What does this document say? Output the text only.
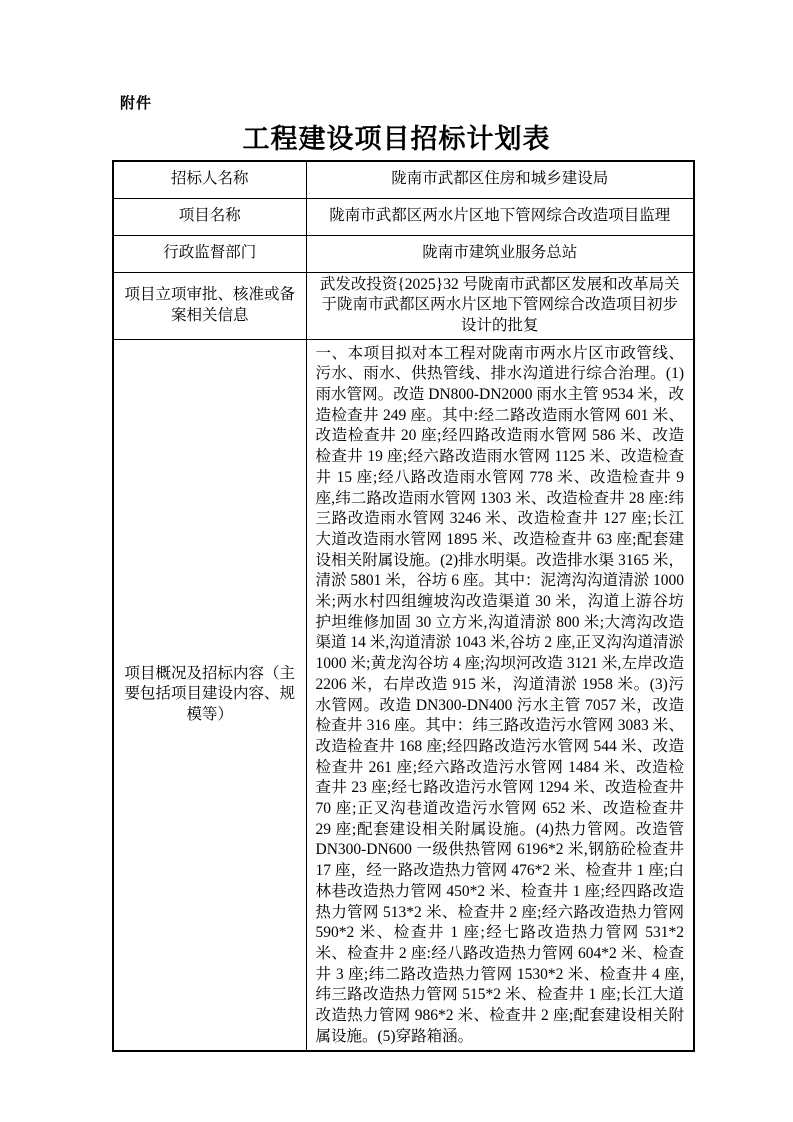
附件
工程建设项目招标计划表
招标人名称	陇南市武都区住房和城乡建设局
项目名称	陇南市武都区两水片区地下管网综合改造项目监理
行政监督部门	陇南市建筑业服务总站
项目立项审批、核准或备案相关信息	武发改投资{2025}32 号陇南市武都区发展和改革局关于陇南市武都区两水片区地下管网综合改造项目初步设计的批复
项目概况及招标内容（主要包括项目建设内容、规模等）	一、本项目拟对本工程对陇南市两水片区市政管线、污水、雨水、供热管线、排水沟道进行综合治理。(1)雨水管网。改造 DN800-DN2000 雨水主管 9534 米，改造检查井 249 座。其中:经二路改造雨水管网 601 米、改造检查井 20 座;经四路改造雨水管网 586 米、改造检查井 19 座;经六路改造雨水管网 1125 米、改造检查井 15 座;经八路改造雨水管网 778 米、改造检查井 9 座,纬二路改造雨水管网 1303 米、改造检查井 28 座:纬三路改造雨水管网 3246 米、改造检查井 127 座;长江大道改造雨水管网 1895 米、改造检查井 63 座;配套建设相关附属设施。(2)排水明渠。改造排水渠 3165 米，清淤 5801 米，谷坊 6 座。其中：泥湾沟沟道清淤 1000 米;两水村四组缠坡沟改造渠道 30 米，沟道上游谷坊护坦维修加固 30 立方米,沟道清淤 800 米;大湾沟改造渠道 14 米,沟道清淤 1043 米,谷坊 2 座,正叉沟沟道清淤 1000 米;黄龙沟谷坊 4 座;沟坝河改造 3121 米,左岸改造 2206 米，右岸改造 915 米，沟道清淤 1958 米。(3)污水管网。改造 DN300-DN400 污水主管 7057 米，改造检查井 316 座。其中：纬三路改造污水管网 3083 米、改造检查井 168 座;经四路改造污水管网 544 米、改造检查井 261 座;经六路改造污水管网 1484 米、改造检查井 23 座;经七路改造污水管网 1294 米、改造检查井 70 座;正叉沟巷道改造污水管网 652 米、改造检查井 29 座;配套建设相关附属设施。(4)热力管网。改造管 DN300-DN600 一级供热管网 6196*2 米,钢筋砼检查井 17 座，经一路改造热力管网 476*2 米、检查井 1 座;白林巷改造热力管网 450*2 米、检查井 1 座;经四路改造热力管网 513*2 米、检查井 2 座;经六路改造热力管网 590*2 米、检查井 1 座;经七路改造热力管网 531*2 米、检查井 2 座:经八路改造热力管网 604*2 米、检查井 3 座;纬二路改造热力管网 1530*2 米、检查井 4 座,纬三路改造热力管网 515*2 米、检查井 1 座;长江大道改造热力管网 986*2 米、检查井 2 座;配套建设相关附属设施。(5)穿路箱涵。
